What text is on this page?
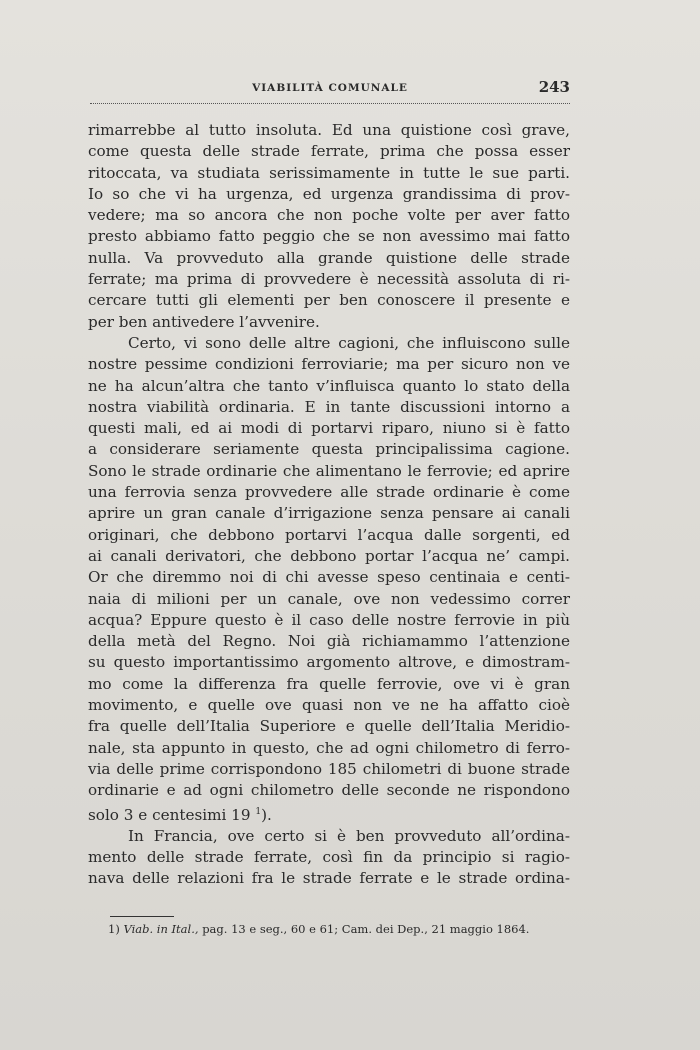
VIABILITÀ COMUNALE	243
rimarrebbe al tutto insoluta. Ed una quistione così grave,
come questa delle strade ferrate, prima che possa esser
ritoccata, va studiata serissimamente in tutte le sue parti.
Io so che vi ha urgenza, ed urgenza grandissima di prov-
vedere; ma so ancora che non poche volte per aver fatto
presto abbiamo fatto peggio che se non avessimo mai fatto
nulla. Va provveduto alla grande quistione delle strade
ferrate; ma prima di provvedere è necessità assoluta di ri-
cercare tutti gli elementi per ben conoscere il presente e
per ben antivedere l’avvenire.
Certo, vi sono delle altre cagioni, che influiscono sulle
nostre pessime condizioni ferroviarie; ma per sicuro non ve
ne ha alcun’altra che tanto v’influisca quanto lo stato della
nostra viabilità ordinaria. E in tante discussioni intorno a
questi mali, ed ai modi di portarvi riparo, niuno si è fatto
a considerare seriamente questa principalissima cagione.
Sono le strade ordinarie che alimentano le ferrovie; ed aprire
una ferrovia senza provvedere alle strade ordinarie è come
aprire un gran canale d’irrigazione senza pensare ai canali
originari, che debbono portarvi l’acqua dalle sorgenti, ed
ai canali derivatori, che debbono portar l’acqua ne’ campi.
Or che diremmo noi di chi avesse speso centinaia e centi-
naia di milioni per un canale, ove non vedessimo correr
acqua? Eppure questo è il caso delle nostre ferrovie in più
della metà del Regno. Noi già richiamammo l’attenzione
su questo importantissimo argomento altrove, e dimostram-
mo come la differenza fra quelle ferrovie, ove vi è gran
movimento, e quelle ove quasi non ve ne ha affatto cioè
fra quelle dell’Italia Superiore e quelle dell’Italia Meridio-
nale, sta appunto in questo, che ad ogni chilometro di ferro-
via delle prime corrispondono 185 chilometri di buone strade
ordinarie e ad ogni chilometro delle seconde ne rispondono
solo 3 e centesimi 19 $^1$).
In Francia, ove certo si è ben provveduto all’ordina-
mento delle strade ferrate, così fin da principio si ragio-
nava delle relazioni fra le strade ferrate e le strade ordina-
1) Viab. in Ital., pag. 13 e seg., 60 e 61; Cam. dei Dep., 21 maggio 1864.
